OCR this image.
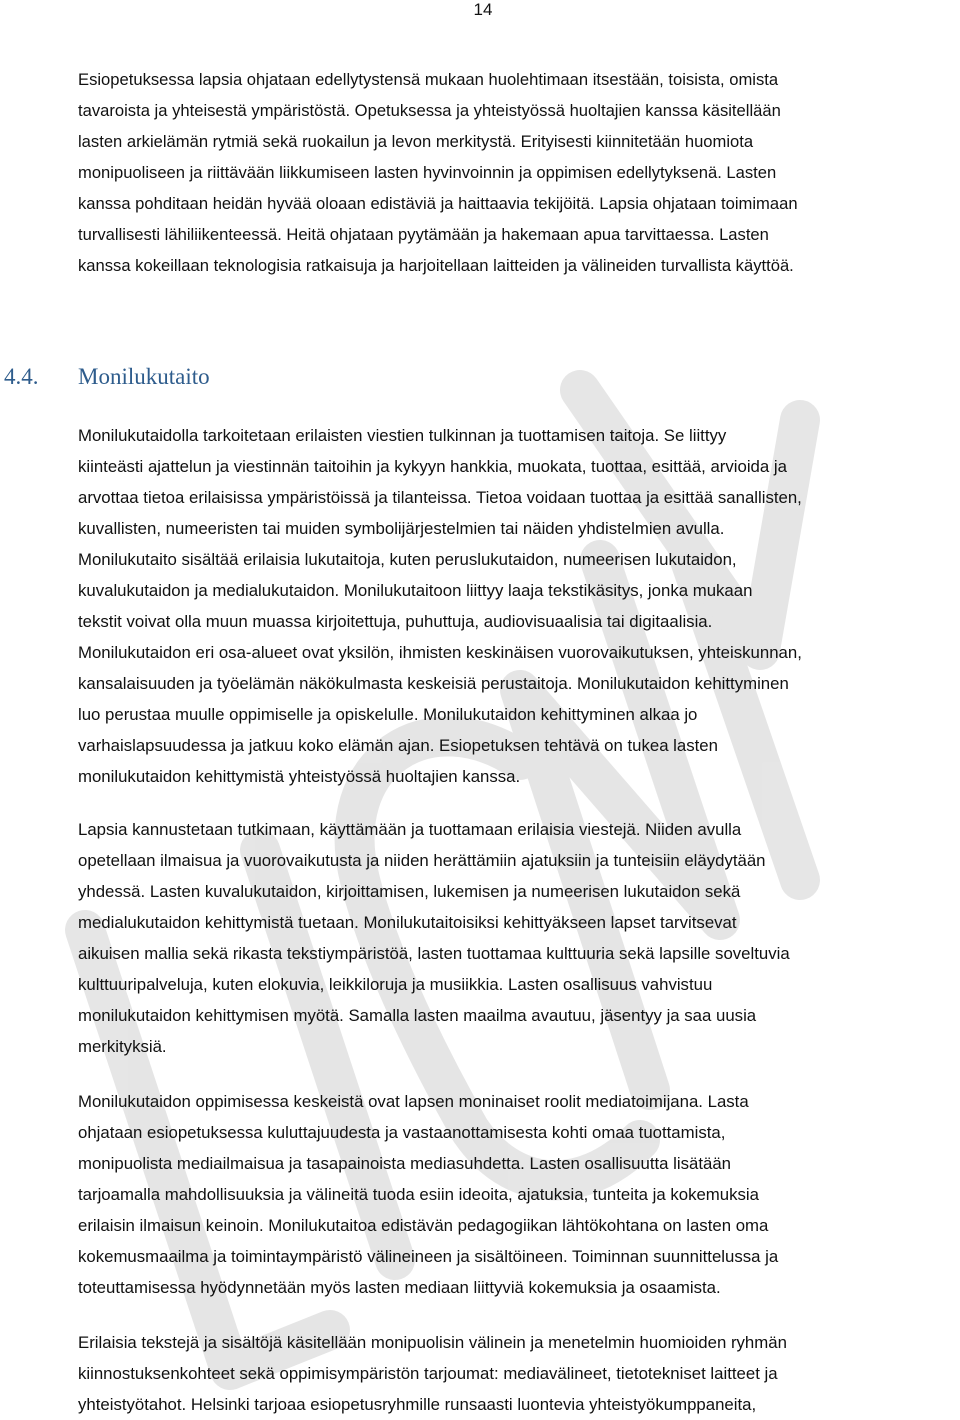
14

Esiopetuksessa lapsia ohjataan edellytystensä mukaan huolehtimaan itsestään, toisista, omista
tavaroista ja yhteisestä ympäristöstä. Opetuksessa ja yhteistyössä huoltajien kanssa käsitellään
lasten arkielämän rytmiä sekä ruokailun ja levon merkitystä. Erityisesti kiinnitetään huomiota
monipuoliseen ja riittävään liikkumiseen lasten hyvinvoinnin ja oppimisen edellytyksenä. Lasten
kanssa pohditaan heidän hyvää oloaan edistäviä ja haittaavia tekijöitä. Lapsia ohjataan toimimaan
turvallisesti lähiliikenteessä. Heitä ohjataan pyytämään ja hakemaan apua tarvittaessa. Lasten
kanssa kokeillaan teknologisia ratkaisuja ja harjoitellaan laitteiden ja välineiden turvallista käyttöä.

4.4. Monilukutaito

Monilukutaidolla tarkoitetaan erilaisten viestien tulkinnan ja tuottamisen taitoja. Se liittyy
kiinteästi ajattelun ja viestinnän taitoihin ja kykyyn hankkia, muokata, tuottaa, esittää, arvioida ja
arvottaa tietoa erilaisissa ympäristöissä ja tilanteissa. Tietoa voidaan tuottaa ja esittää sanallisten,
kuvallisten, numeeristen tai muiden symbolijärjestelmien tai näiden yhdistelmien avulla.
Monilukutaito sisältää erilaisia lukutaitoja, kuten peruslukutaidon, numeerisen lukutaidon,
kuvalukutaidon ja medialukutaidon. Monilukutaitoon liittyy laaja tekstikäsitys, jonka mukaan
tekstit voivat olla muun muassa kirjoitettuja, puhuttuja, audiovisuaalisia tai digitaalisia.
Monilukutaidon eri osa-alueet ovat yksilön, ihmisten keskinäisen vuorovaikutuksen, yhteiskunnan,
kansalaisuuden ja työelämän näkökulmasta keskeisiä perustaitoja. Monilukutaidon kehittyminen
luo perustaa muulle oppimiselle ja opiskelulle. Monilukutaidon kehittyminen alkaa jo
varhaislapsuudessa ja jatkuu koko elämän ajan. Esiopetuksen tehtävä on tukea lasten
monilukutaidon kehittymistä yhteistyössä huoltajien kanssa.

Lapsia kannustetaan tutkimaan, käyttämään ja tuottamaan erilaisia viestejä. Niiden avulla
opetellaan ilmaisua ja vuorovaikutusta ja niiden herättämiin ajatuksiin ja tunteisiin eläydytään
yhdessä. Lasten kuvalukutaidon, kirjoittamisen, lukemisen ja numeerisen lukutaidon sekä
medialukutaidon kehittymistä tuetaan. Monilukutaitoisiksi kehittyäkseen lapset tarvitsevat
aikuisen mallia sekä rikasta tekstiympäristöä, lasten tuottamaa kulttuuria sekä lapsille soveltuvia
kulttuuripalveluja, kuten elokuvia, leikkiloruja ja musiikkia. Lasten osallisuus vahvistuu
monilukutaidon kehittymisen myötä. Samalla lasten maailma avautuu, jäsentyy ja saa uusia
merkityksiä.

Monilukutaidon oppimisessa keskeistä ovat lapsen moninaiset roolit mediatoimijana. Lasta
ohjataan esiopetuksessa kuluttajuudesta ja vastaanottamisesta kohti omaa tuottamista,
monipuolista mediailmaisua ja tasapainoista mediasuhdetta. Lasten osallisuutta lisätään
tarjoamalla mahdollisuuksia ja välineitä tuoda esiin ideoita, ajatuksia, tunteita ja kokemuksia
erilaisin ilmaisun keinoin. Monilukutaitoa edistävän pedagogiikan lähtökohtana on lasten oma
kokemusmaailma ja toimintaympäristö välineineen ja sisältöineen. Toiminnan suunnittelussa ja
toteuttamisessa hyödynnetään myös lasten mediaan liittyviä kokemuksia ja osaamista.

Erilaisia tekstejä ja sisältöjä käsitellään monipuolisin välinein ja menetelmin huomioiden ryhmän
kiinnostuksenkohteet sekä oppimisympäristön tarjoumat: mediavälineet, tietotekniset laitteet ja
yhteistyötahot. Helsinki tarjoaa esiopetusryhmille runsaasti luontevia yhteistyökumppaneita,
